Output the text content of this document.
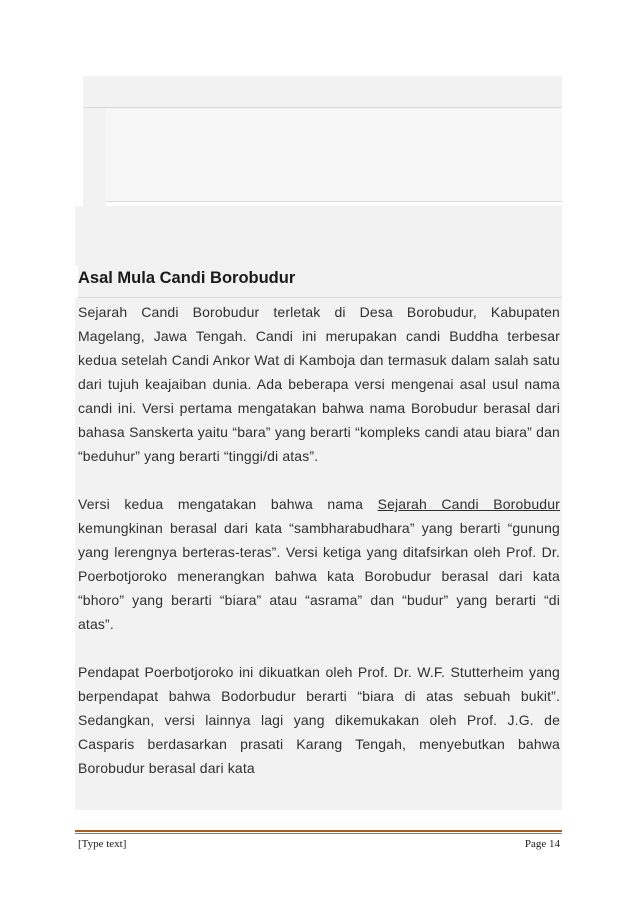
Asal Mula Candi Borobudur

Sejarah Candi Borobudur terletak di Desa Borobudur, Kabupaten Magelang, Jawa Tengah. Candi ini merupakan candi Buddha terbesar kedua setelah Candi Ankor Wat di Kamboja dan termasuk dalam salah satu dari tujuh keajaiban dunia. Ada beberapa versi mengenai asal usul nama candi ini. Versi pertama mengatakan bahwa nama Borobudur berasal dari bahasa Sanskerta yaitu “bara” yang berarti “kompleks candi atau biara” dan “beduhur” yang berarti “tinggi/di atas”.

Versi kedua mengatakan bahwa nama Sejarah Candi Borobudur kemungkinan berasal dari kata “sambharabudhara” yang berarti “gunung yang lerengnya berteras-teras”. Versi ketiga yang ditafsirkan oleh Prof. Dr. Poerbotjoroko menerangkan bahwa kata Borobudur berasal dari kata “bhoro” yang berarti “biara” atau “asrama” dan “budur” yang berarti “di atas”.

Pendapat Poerbotjoroko ini dikuatkan oleh Prof. Dr. W.F. Stutterheim yang berpendapat bahwa Bodorbudur berarti “biara di atas sebuah bukit”. Sedangkan, versi lainnya lagi yang dikemukakan oleh Prof. J.G. de Casparis berdasarkan prasati Karang Tengah, menyebutkan bahwa Borobudur berasal dari kata

[Type text]	Page 14
